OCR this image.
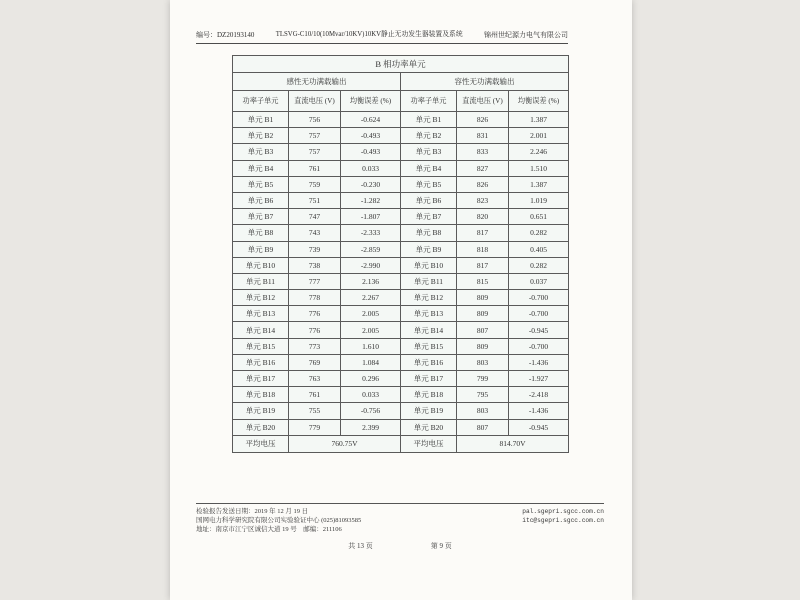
编号：DZ20193140	TLSVG-C10/10(10Mvar/10KV)10KV静止无功发生器装置及系统	锦州世纪源力电气有限公司
B 相功率单元					
感性无功满载输出			容性无功满载输出		
功率子单元	直流电压 (V)	均衡误差 (%)	功率子单元	直流电压 (V)	均衡误差 (%)
单元 B1	756	-0.624	单元 B1	826	1.387
单元 B2	757	-0.493	单元 B2	831	2.001
单元 B3	757	-0.493	单元 B3	833	2.246
单元 B4	761	0.033	单元 B4	827	1.510
单元 B5	759	-0.230	单元 B5	826	1.387
单元 B6	751	-1.282	单元 B6	823	1.019
单元 B7	747	-1.807	单元 B7	820	0.651
单元 B8	743	-2.333	单元 B8	817	0.282
单元 B9	739	-2.859	单元 B9	818	0.405
单元 B10	738	-2.990	单元 B10	817	0.282
单元 B11	777	2.136	单元 B11	815	0.037
单元 B12	778	2.267	单元 B12	809	-0.700
单元 B13	776	2.005	单元 B13	809	-0.700
单元 B14	776	2.005	单元 B14	807	-0.945
单元 B15	773	1.610	单元 B15	809	-0.700
单元 B16	769	1.084	单元 B16	803	-1.436
单元 B17	763	0.296	单元 B17	799	-1.927
单元 B18	761	0.033	单元 B18	795	-2.418
单元 B19	755	-0.756	单元 B19	803	-1.436
单元 B20	779	2.399	单元 B20	807	-0.945
平均电压	760.75V		平均电压	814.70V	
检验报告发送日期：2019 年 12 月 19 日
国网电力科学研究院有限公司实验验证中心 (025)81093585
地址：南京市江宁区诚信大道 19 号　邮编：211106
pal.sgepri.sgcc.com.cn
itc@sgepri.sgcc.com.cn
共 13 页	第 9 页
